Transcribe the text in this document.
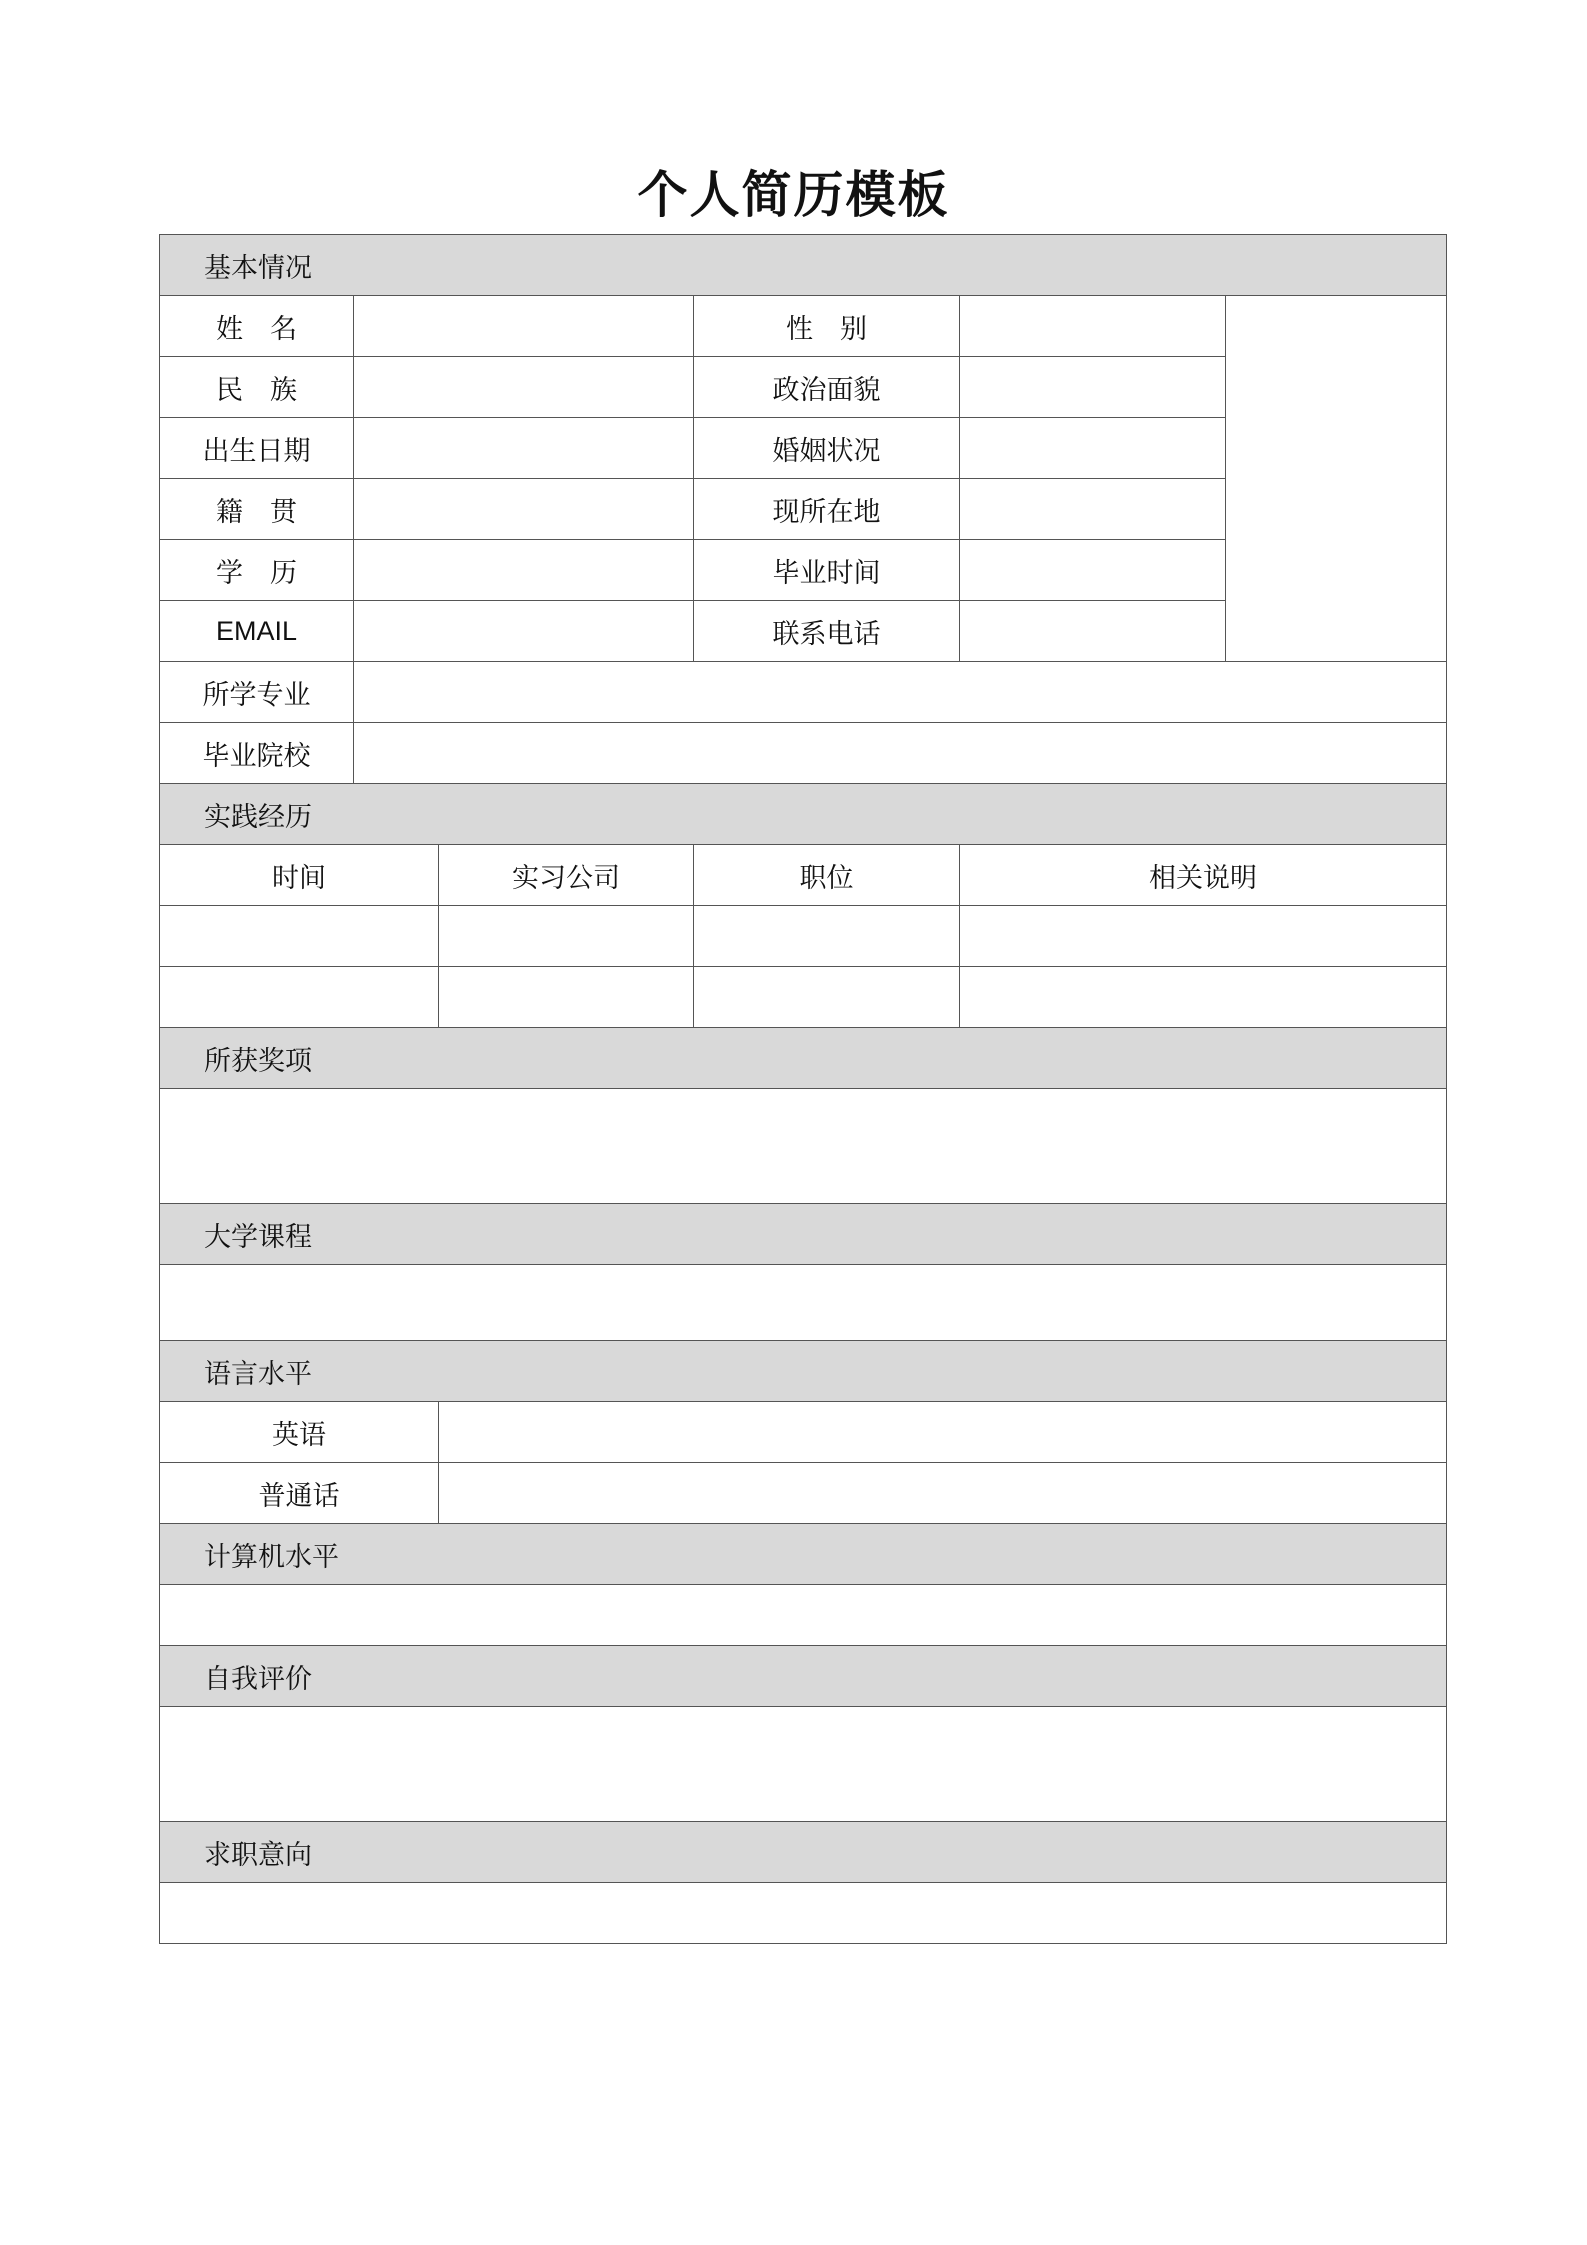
个人简历模板
基本情况					
姓　名			性　别		
民　族			政治面貌		
出生日期			婚姻状况		
籍　贯			现所在地		
学　历			毕业时间		
EMAIL			联系电话		
所学专业					
毕业院校					
实践经历					
时间		实习公司	职位	相关说明	

所获奖项					

大学课程					

语言水平					
英语					
普通话					
计算机水平					

自我评价					

求职意向					
